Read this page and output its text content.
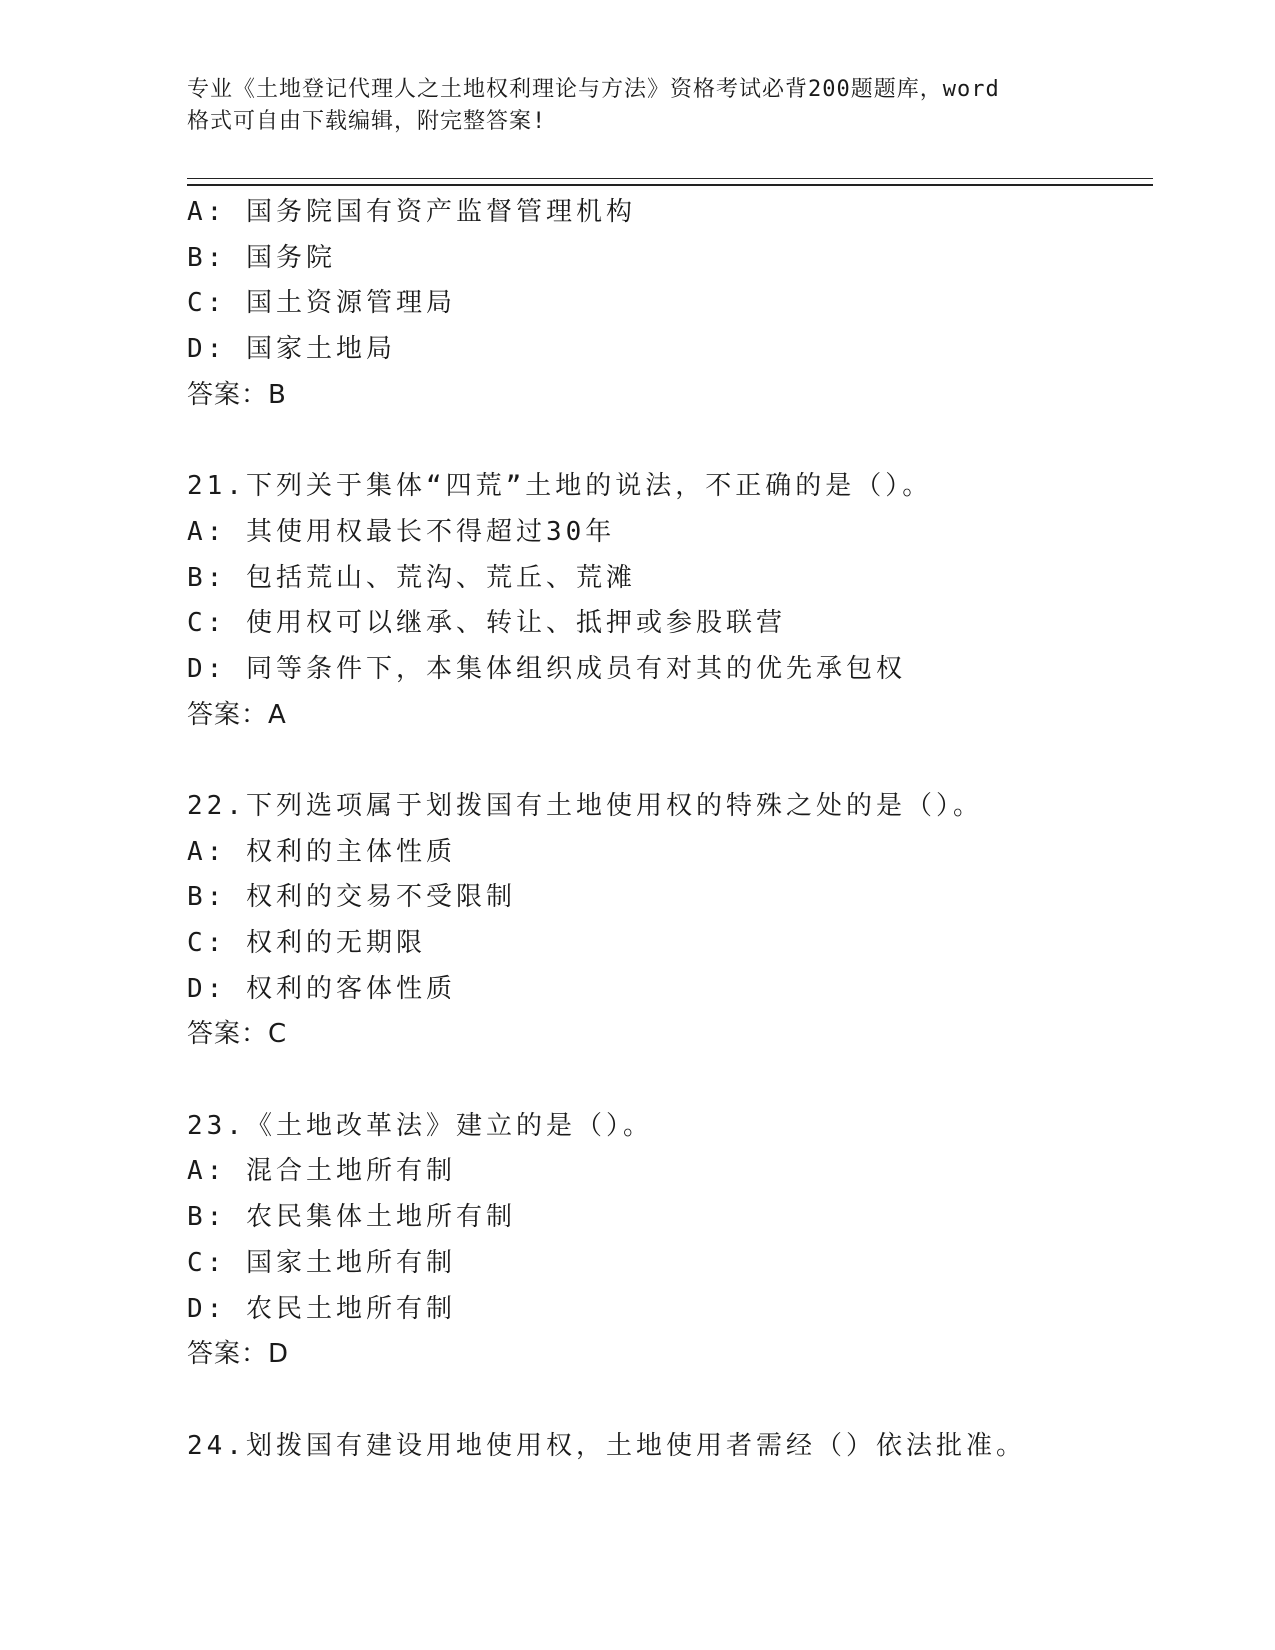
专业《土地登记代理人之土地权利理论与方法》资格考试必背200题题库，word
格式可自由下载编辑，附完整答案!
A: 国务院国有资产监督管理机构
B: 国务院
C: 国土资源管理局
D: 国家土地局
答案：B
21.下列关于集体“四荒”土地的说法，不正确的是（）。
A: 其使用权最长不得超过30年
B: 包括荒山、荒沟、荒丘、荒滩
C: 使用权可以继承、转让、抵押或参股联营
D: 同等条件下，本集体组织成员有对其的优先承包权
答案：A
22.下列选项属于划拨国有土地使用权的特殊之处的是（）。
A: 权利的主体性质
B: 权利的交易不受限制
C: 权利的无期限
D: 权利的客体性质
答案：C
23.《土地改革法》建立的是（）。
A: 混合土地所有制
B: 农民集体土地所有制
C: 国家土地所有制
D: 农民土地所有制
答案：D
24.划拨国有建设用地使用权，土地使用者需经（）依法批准。
